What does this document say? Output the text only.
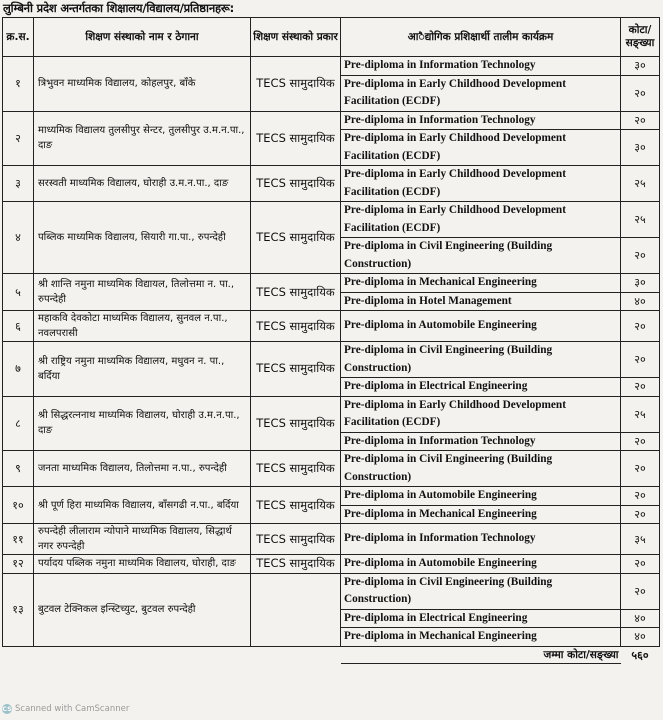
लुम्बिनी प्रदेश अन्तर्गतका शिक्षालय/विद्यालय/प्रतिष्ठानहरू:
क्र.स.	शिक्षण संस्थाको नाम र ठेगाना	शिक्षण संस्थाको प्रकार	आैद्योगिक प्रशिक्षार्थी तालीम कार्यक्रम	कोटा/ सङ्ख्या
१	त्रिभुवन माध्यमिक विद्यालय, कोहलपुर, बाँके	TECS सामुदायिक	Pre-diploma in Information Technology	३०
			Pre-diploma in Early Childhood Development Facilitation (ECDF)	२०
२	माध्यमिक विद्यालय तुलसीपुर सेन्टर, तुलसीपुर उ.म.न.पा., दाङ	TECS सामुदायिक	Pre-diploma in Information Technology	२०
			Pre-diploma in Early Childhood Development Facilitation (ECDF)	३०
३	सरस्वती माध्यमिक विद्यालय, घोराही उ.म.न.पा., दाङ	TECS सामुदायिक	Pre-diploma in Early Childhood Development Facilitation (ECDF)	२५
४	पब्लिक माध्यमिक विद्यालय, सियारी गा.पा., रुपन्देही	TECS सामुदायिक	Pre-diploma in Early Childhood Development Facilitation (ECDF)	२५
			Pre-diploma in Civil Engineering (Building Construction)	२०
५	श्री शान्ति नमुना माध्यमिक विद्यायल, तिलोत्तमा न. पा., रुपन्देही	TECS सामुदायिक	Pre-diploma in Mechanical Engineering	३०
			Pre-diploma in Hotel Management	४०
६	महाकवि देवकोटा माध्यमिक विद्यालय, सुनवल न.पा., नवलपरासी	TECS सामुदायिक	Pre-diploma in Automobile Engineering	२०
७	श्री राष्ट्रिय नमुना माध्यमिक विद्यालय, मधुवन न. पा., बर्दिया	TECS सामुदायिक	Pre-diploma in Civil Engineering (Building Construction)	२०
			Pre-diploma in Electrical Engineering	२०
८	श्री सिद्धरत्ननाथ माध्यमिक विद्यालय, घोराही उ.म.न.पा., दाङ	TECS सामुदायिक	Pre-diploma in Early Childhood Development Facilitation (ECDF)	२५
			Pre-diploma in Information Technology	२०
९	जनता माध्यमिक विद्यालय, तिलोत्तमा न.पा., रुपन्देही	TECS सामुदायिक	Pre-diploma in Civil Engineering (Building Construction)	२०
१०	श्री पूर्ण हिरा माध्यमिक विद्यालय, बाँसगढी न.पा., बर्दिया	TECS सामुदायिक	Pre-diploma in Automobile Engineering	२०
			Pre-diploma in Mechanical Engineering	२०
११	रुपन्देही लीलाराम न्योपाने माध्यमिक विद्यालय, सिद्धार्थ नगर रुपन्देही	TECS सामुदायिक	Pre-diploma in Information Technology	३५
१२	पर्यादय पब्लिक नमुना माध्यमिक विद्यालय, घोराही, दाङ	TECS सामुदायिक	Pre-diploma in Automobile Engineering	२०
१३	बुटवल टेक्निकल इन्स्टिच्युट, बुटवल रुपन्देही		Pre-diploma in Civil Engineering (Building Construction)	२०
			Pre-diploma in Electrical Engineering	४०
			Pre-diploma in Mechanical Engineering	४०
			जम्मा कोटा/सङ्ख्या	५६०
CS Scanned with CamScanner
